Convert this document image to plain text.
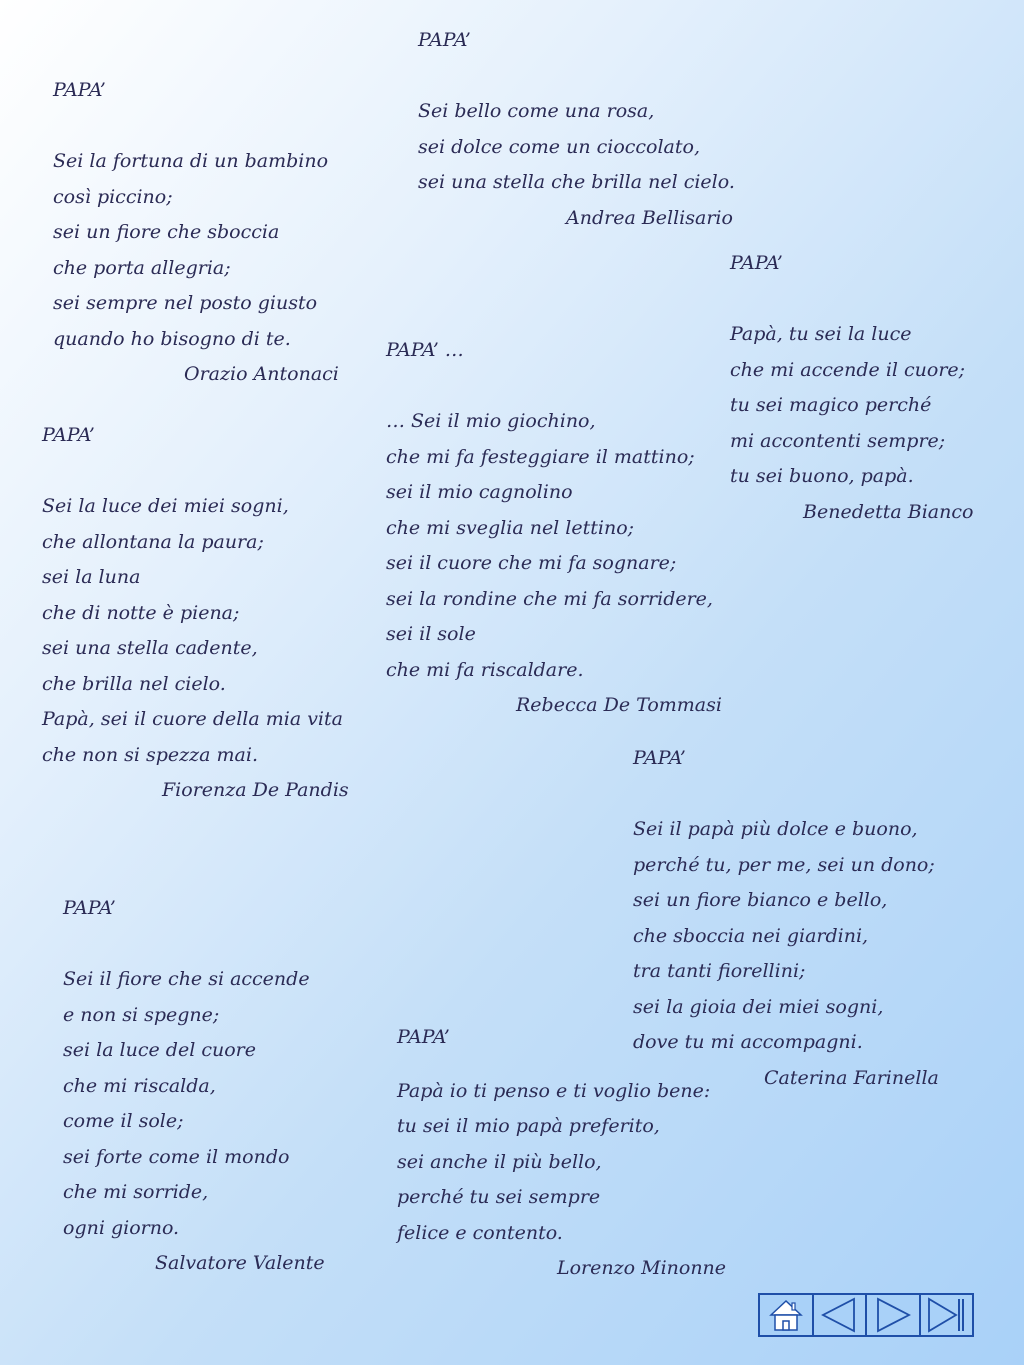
PAPA’
Sei la fortuna di un bambino
così piccino;
sei un fiore che sboccia
che porta allegria;
sei sempre nel posto giusto
quando ho bisogno di te.
Orazio Antonaci
PAPA’
Sei bello come una rosa,
sei dolce come un cioccolato,
sei una stella che brilla nel cielo.
Andrea Bellisario
PAPA’
Papà, tu sei la luce
che mi accende il cuore;
tu sei magico perché
mi accontenti sempre;
tu sei buono, papà.
Benedetta Bianco
PAPA’ …
… Sei il mio giochino,
che mi fa festeggiare il mattino;
sei il mio cagnolino
che mi sveglia nel lettino;
sei il cuore che mi fa sognare;
sei la rondine che mi fa sorridere,
sei il sole
che mi fa riscaldare.
Rebecca De Tommasi
PAPA’
Sei la luce dei miei sogni,
che allontana la paura;
sei la luna
che di notte è piena;
sei una stella cadente,
che brilla nel cielo.
Papà, sei il cuore della mia vita
che non si spezza mai.
Fiorenza De Pandis
PAPA’
Sei il papà più dolce e buono,
perché tu, per me, sei un dono;
sei un fiore bianco e bello,
che sboccia nei giardini,
tra tanti fiorellini;
sei la gioia dei miei sogni,
dove tu mi accompagni.
Caterina Farinella
PAPA’
Sei il fiore che si accende
e non si spegne;
sei la luce del cuore
che mi riscalda,
come il sole;
sei forte come il mondo
che mi sorride,
ogni giorno.
Salvatore Valente
PAPA’
Papà io ti penso e ti voglio bene:
tu sei il mio papà preferito,
sei anche il più bello,
perché tu sei sempre
felice e contento.
Lorenzo Minonne
